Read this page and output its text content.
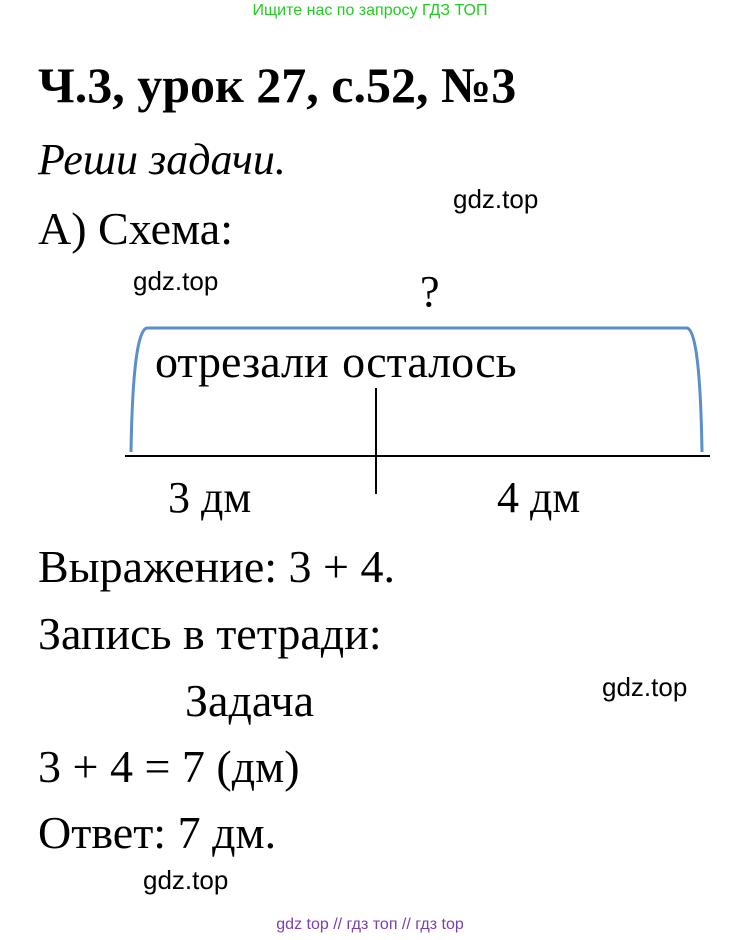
Ищите нас по запросу ГДЗ ТОП
Ч.3, урок 27, с.52, №3
Реши задачи.
А) Схема:
gdz.top
gdz.top	?
отрезали осталось
3 дм	4 дм
Выражение: 3 + 4.
Запись в тетради:
Задача	gdz.top
3 + 4 = 7 (дм)
Ответ: 7 дм.
gdz.top
gdz top // гдз топ // гдз top
